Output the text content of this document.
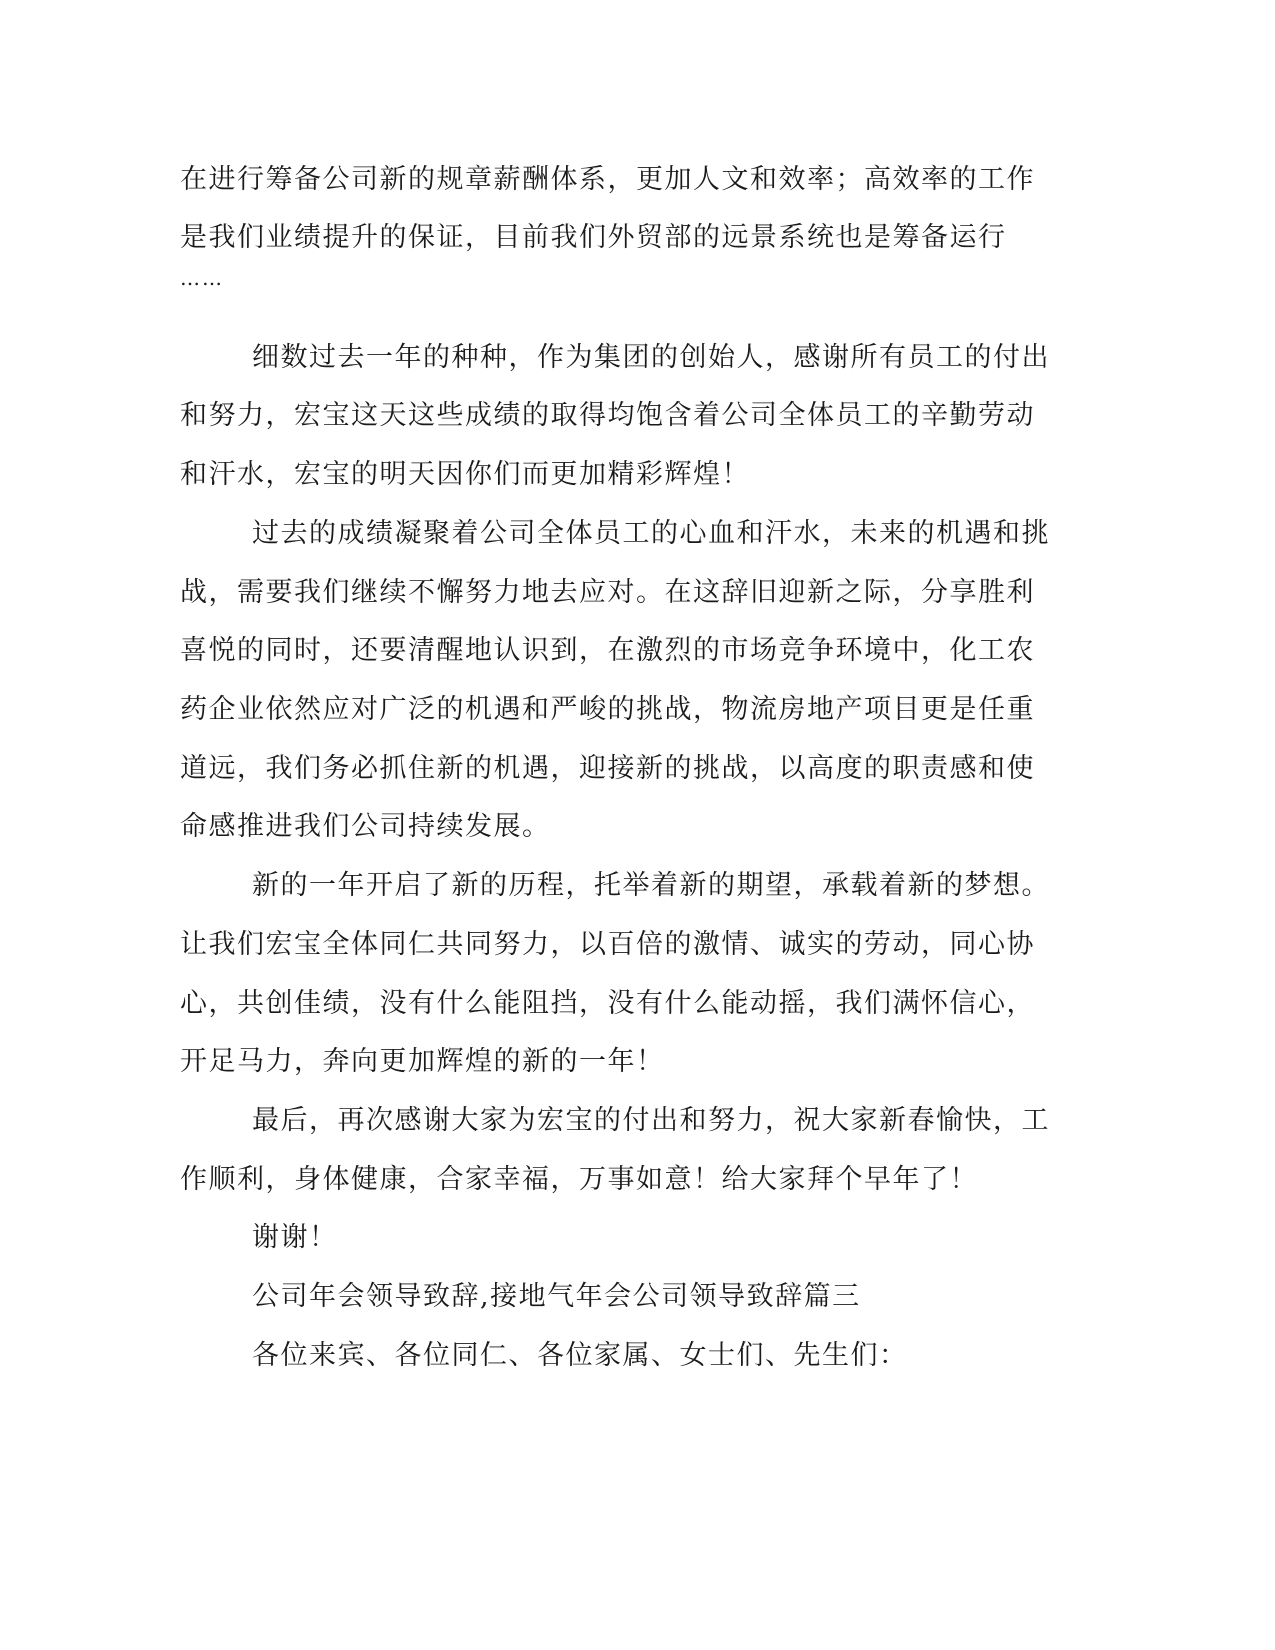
在进行筹备公司新的规章薪酬体系，更加人文和效率；高效率的工作
是我们业绩提升的保证，目前我们外贸部的远景系统也是筹备运行
……
细数过去一年的种种，作为集团的创始人，感谢所有员工的付出
和努力，宏宝这天这些成绩的取得均饱含着公司全体员工的辛勤劳动
和汗水，宏宝的明天因你们而更加精彩辉煌！
过去的成绩凝聚着公司全体员工的心血和汗水，未来的机遇和挑
战，需要我们继续不懈努力地去应对。在这辞旧迎新之际，分享胜利
喜悦的同时，还要清醒地认识到，在激烈的市场竞争环境中，化工农
药企业依然应对广泛的机遇和严峻的挑战，物流房地产项目更是任重
道远，我们务必抓住新的机遇，迎接新的挑战，以高度的职责感和使
命感推进我们公司持续发展。
新的一年开启了新的历程，托举着新的期望，承载着新的梦想。
让我们宏宝全体同仁共同努力，以百倍的激情、诚实的劳动，同心协
心，共创佳绩，没有什么能阻挡，没有什么能动摇，我们满怀信心，
开足马力，奔向更加辉煌的新的一年！
最后，再次感谢大家为宏宝的付出和努力，祝大家新春愉快，工
作顺利，身体健康，合家幸福，万事如意！给大家拜个早年了！
谢谢！
公司年会领导致辞,接地气年会公司领导致辞篇三
各位来宾、各位同仁、各位家属、女士们、先生们：
